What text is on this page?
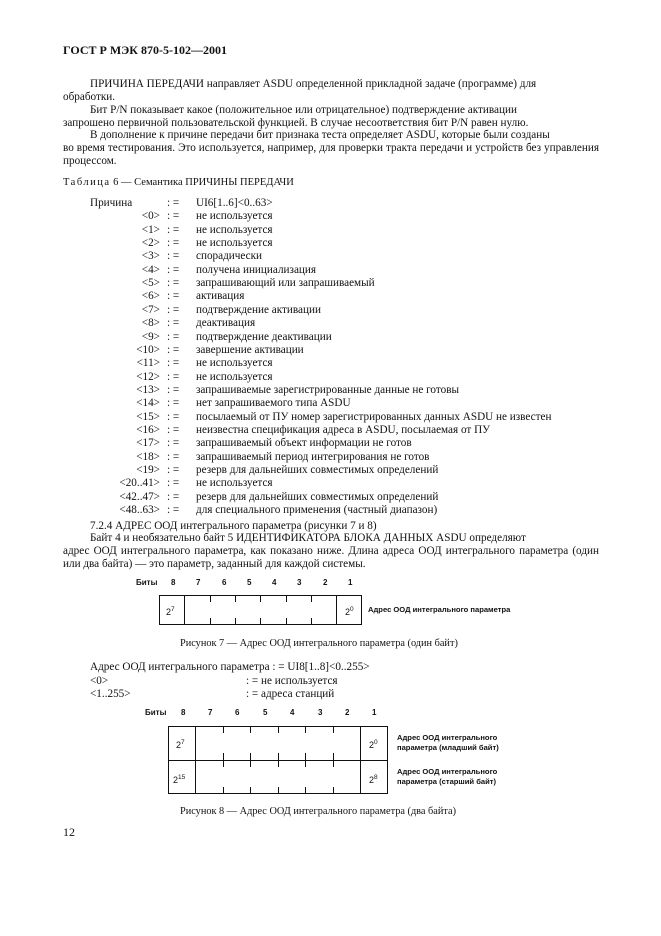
ГОСТ Р МЭК 870-5-102—2001
ПРИЧИНА ПЕРЕДАЧИ направляет ASDU определенной прикладной задаче (программе) для
обработки.
Бит P/N показывает какое (положительное или отрицательное) подтверждение активации
запрошено первичной пользовательской функцией. В случае несоответствия бит P/N равен нулю.
В дополнение к причине передачи бит признака теста определяет ASDU, которые были созданы
во время тестирования. Это используется, например, для проверки тракта передачи и устройств без управления процессом.
Таблица 6 — Семантика ПРИЧИНЫ ПЕРЕДАЧИ
Причина	: = UI6[1..6]<0..63>
<0> : = не используется
<1> : = не используется
<2> : = не используется
<3> : = спорадически
<4> : = получена инициализация
<5> : = запрашивающий или запрашиваемый
<6> : = активация
<7> : = подтверждение активации
<8> : = деактивация
<9> : = подтверждение деактивации
<10> : = завершение активации
<11> : = не используется
<12> : = не используется
<13> : = запрашиваемые зарегистрированные данные не готовы
<14> : = нет запрашиваемого типа ASDU
<15> : = посылаемый от ПУ номер зарегистрированных данных ASDU не известен
<16> : = неизвестна спецификация адреса в ASDU, посылаемая от ПУ
<17> : = запрашиваемый объект информации не готов
<18> : = запрашиваемый период интегрирования не готов
<19> : = резерв для дальнейших совместимых определений
<20..41> : = не используется
<42..47> : = резерв для дальнейших совместимых определений
<48..63> : = для специального применения (частный диапазон)
7.2.4 АДРЕС ООД интегрального параметра (рисунки 7 и 8)
Байт 4 и необязательно байт 5 ИДЕНТИФИКАТОРА БЛОКА ДАННЫХ ASDU определяют
адрес ООД интегрального параметра, как показано ниже. Длина адреса ООД интегрального параметра (один или два байта) — это параметр, заданный для каждой системы.
Биты 8	7	6	5	4	3	2	1
$2^7$	$2^0$ Адрес ООД интегрального параметра
Рисунок 7 — Адрес ООД интегрального параметра (один байт)
Адрес ООД интегрального параметра : = UI8[1..8]<0..255>
<0>	: = не используется
<1..255>	: = адреса станций
Биты 8	7	6	5	4	3	2	1
$2^7$	$2^0$
$2^{15}$	$2^8$
Адрес ООД интегрального
параметра (младший байт)
Адрес ООД интегрального
параметра (старший байт)
Рисунок 8 — Адрес ООД интегрального параметра (два байта)
12
